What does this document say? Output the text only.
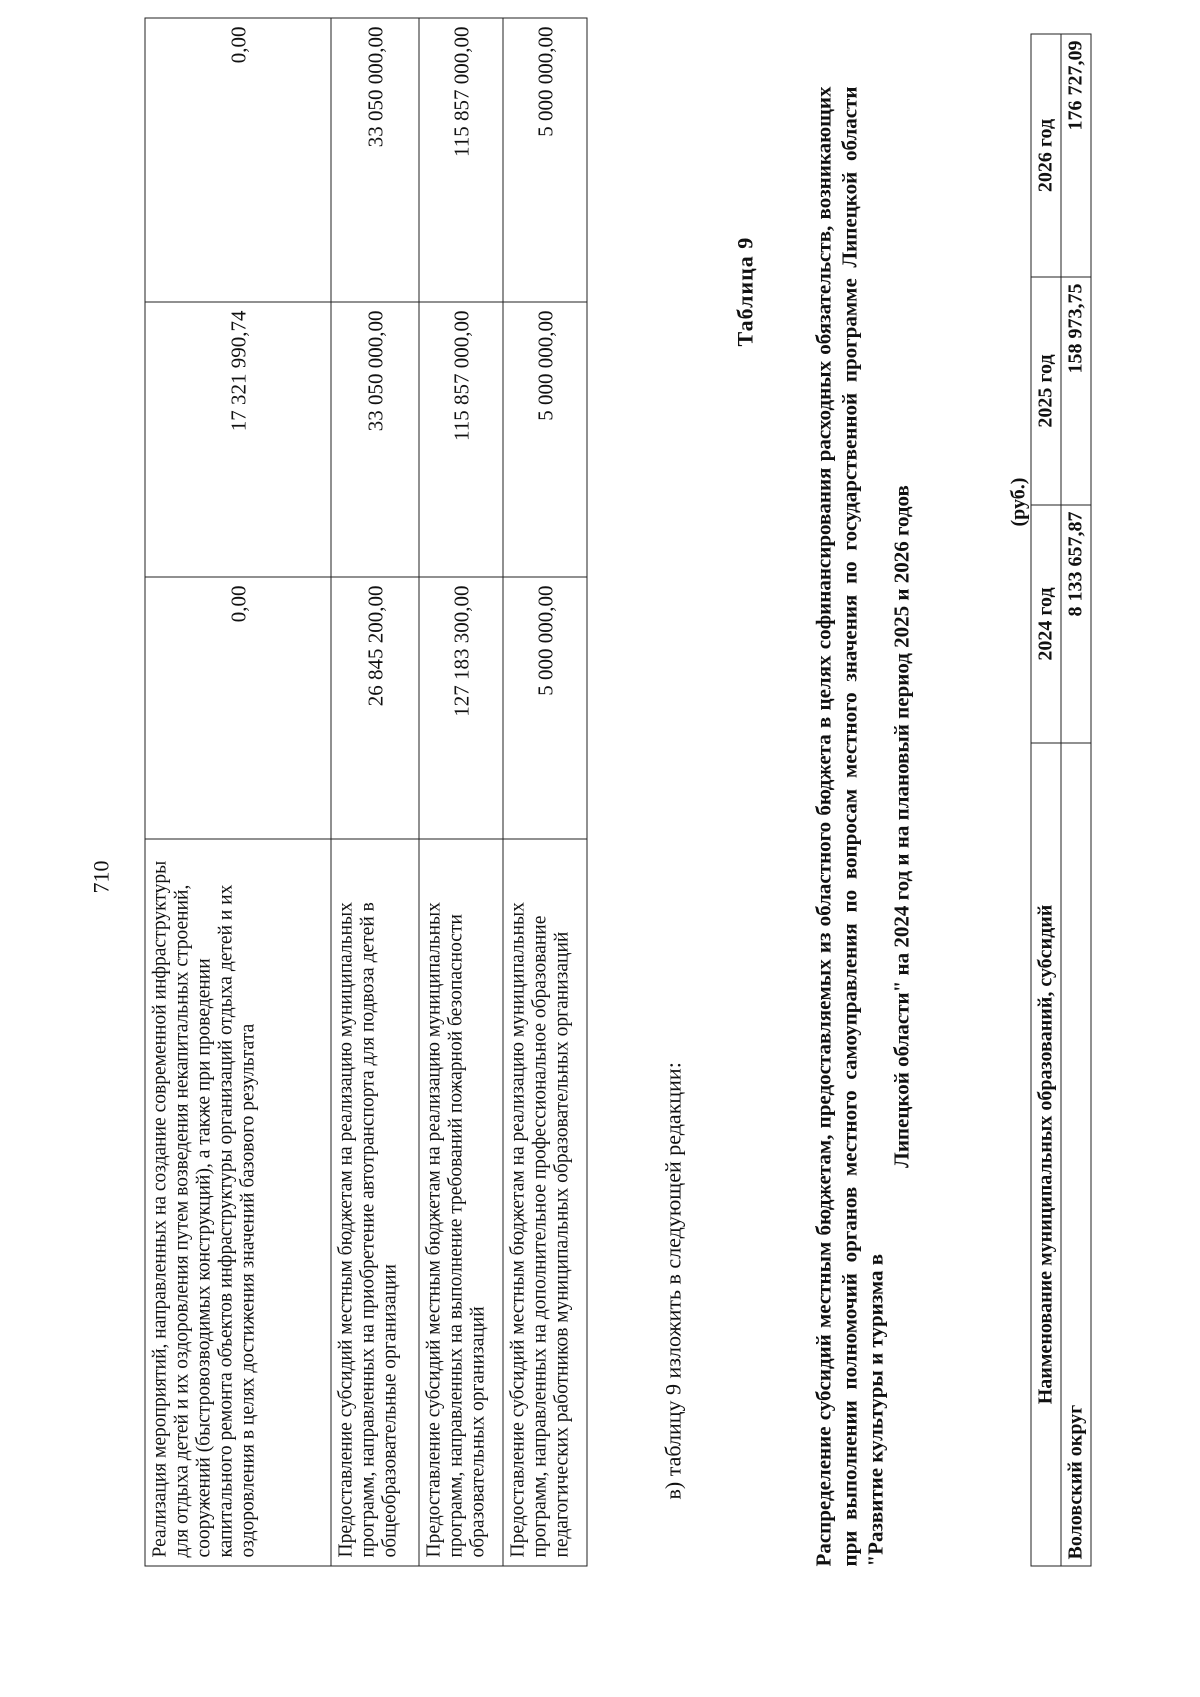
710 Реализация мероприятий, направленных на создание современной инфраструктуры для отдыха детей и их оздоровления путем возведения некапитальных строений, сооружений (быстровозводимых конструкций), а также при проведении капитального ремонта объектов инфраструктуры организаций отдыха детей и их оздоровления в целях достижения значений базового результата	0,00	17 321 990,74	0,00
Предоставление субсидий местным бюджетам на реализацию муниципальных программ, направленных на приобретение автотранспорта для подвоза детей в общеобразовательные организации	26 845 200,00	33 050 000,00	33 050 000,00
Предоставление субсидий местным бюджетам на реализацию муниципальных программ, направленных на выполнение требований пожарной безопасности образовательных организаций	127 183 300,00	115 857 000,00	115 857 000,00
Предоставление субсидий местным бюджетам на реализацию муниципальных программ, направленных на дополнительное профессиональное образование педагогических работников муниципальных образовательных организаций	5 000 000,00	5 000 000,00	5 000 000,00
в) таблицу 9 изложить в следующей редакции:
Таблица 9	Распределение субсидий местным бюджетам, предоставляемых из областного бюджета в целях софинансирования расходных обязательств, возникающих при выполнении полномочий органов местного самоуправления по вопросам местного значения по государственной программе Липецкой области "Развитие культуры и туризма в
Липецкой области" на 2024 год и на плановый период 2025 и 2026 годов	(руб.)
Наименование муниципальных образований, субсидий	2024 год	2025 год	2026 год
Воловский округ	8 133 657,87	158 973,75	176 727,09
